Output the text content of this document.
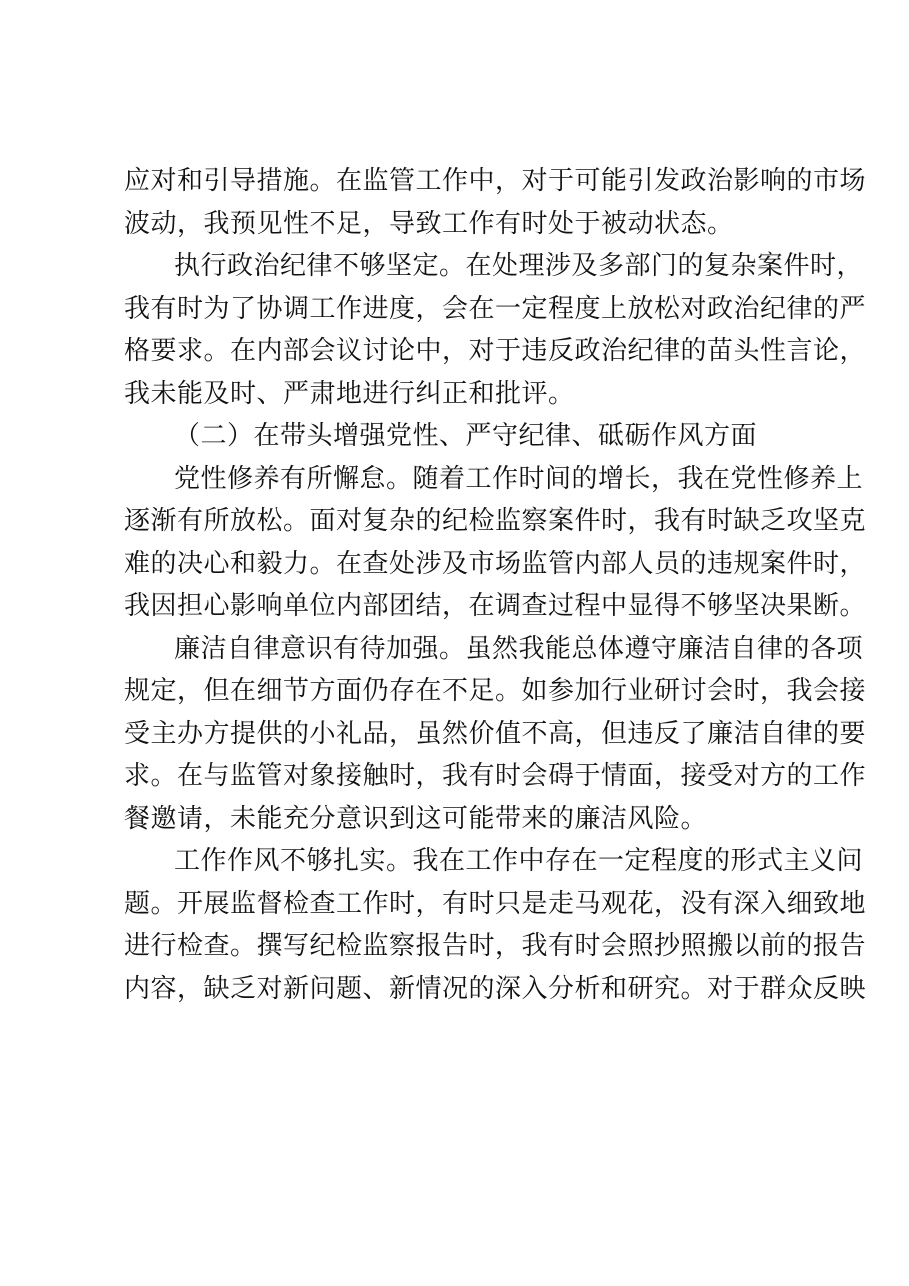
应对和引导措施。在监管工作中，对于可能引发政治影响的市场
波动，我预见性不足，导致工作有时处于被动状态。
执行政治纪律不够坚定。在处理涉及多部门的复杂案件时，
我有时为了协调工作进度，会在一定程度上放松对政治纪律的严
格要求。在内部会议讨论中，对于违反政治纪律的苗头性言论，
我未能及时、严肃地进行纠正和批评。
（二）在带头增强党性、严守纪律、砥砺作风方面
党性修养有所懈怠。随着工作时间的增长，我在党性修养上
逐渐有所放松。面对复杂的纪检监察案件时，我有时缺乏攻坚克
难的决心和毅力。在查处涉及市场监管内部人员的违规案件时，
我因担心影响单位内部团结，在调查过程中显得不够坚决果断。
廉洁自律意识有待加强。虽然我能总体遵守廉洁自律的各项
规定，但在细节方面仍存在不足。如参加行业研讨会时，我会接
受主办方提供的小礼品，虽然价值不高，但违反了廉洁自律的要
求。在与监管对象接触时，我有时会碍于情面，接受对方的工作
餐邀请，未能充分意识到这可能带来的廉洁风险。
工作作风不够扎实。我在工作中存在一定程度的形式主义问
题。开展监督检查工作时，有时只是走马观花，没有深入细致地
进行检查。撰写纪检监察报告时，我有时会照抄照搬以前的报告
内容，缺乏对新问题、新情况的深入分析和研究。对于群众反映
